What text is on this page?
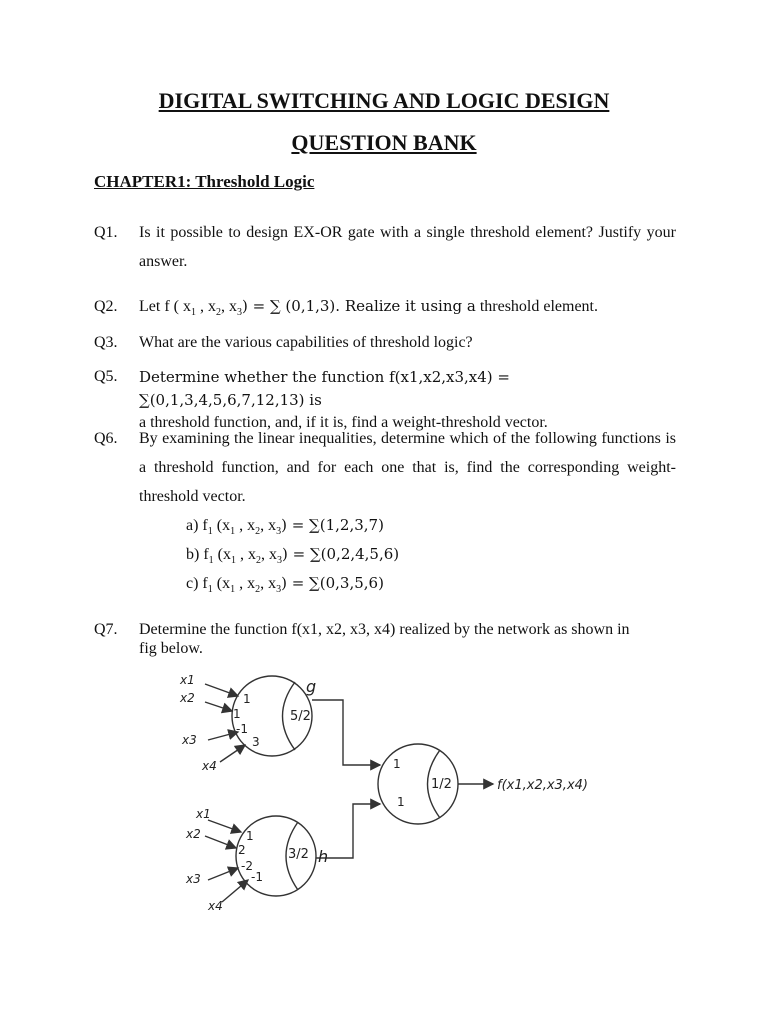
DIGITAL SWITCHING AND LOGIC DESIGN
QUESTION BANK
CHAPTER1: Threshold Logic
Q1. Is it possible to design EX-OR gate with a single threshold element? Justify your answer.
Q2. Let f ( $x_1$ , $x_2$, $x_3$) = ∑ (0,1,3). Realize it using a threshold element.
Q3. What are the various capabilities of threshold logic?
Q5. Determine whether the function f(x1,x2,x3,x4) = ∑(0,1,3,4,5,6,7,12,13) is
a threshold function, and, if it is, find a weight-threshold vector.
Q6. By examining the linear inequalities, determine which of the following functions is a threshold function, and for each one that is, find the corresponding weight-threshold vector.
a) $f_1$ ($x_1$ , $x_2$, $x_3) = \sum(1,2,3,7)$
b) $f_1$ ($x_1$ , $x_2$, $x_3) = \sum(0,2,4,5,6)$
c) $f_1$ ($x_1$ , $x_2$, $x_3) = \sum(0,3,5,6)$
Q7. Determine the function f(x1, x2, x3, x4) realized by the network as shown in fig below.
1
1
-1
3
1
2
-2
-1
1
1
5/2
3/2
1/2
g
h
x1
x2
x3
x4
x1
x2
x3
x4
f(x1,x2,x3,x4)
